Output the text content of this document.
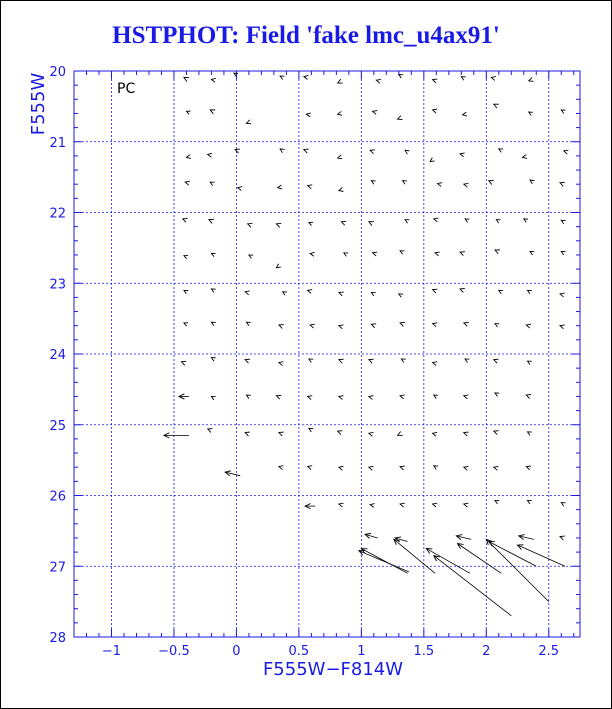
HSTPHOT: Field 'fake lmc_u4ax91'
−1	−0.5	0	0.5	1	1.5	2	2.5
20
21
22
23
24
25
26
27
28
PC
F555W−F814W
F555W
